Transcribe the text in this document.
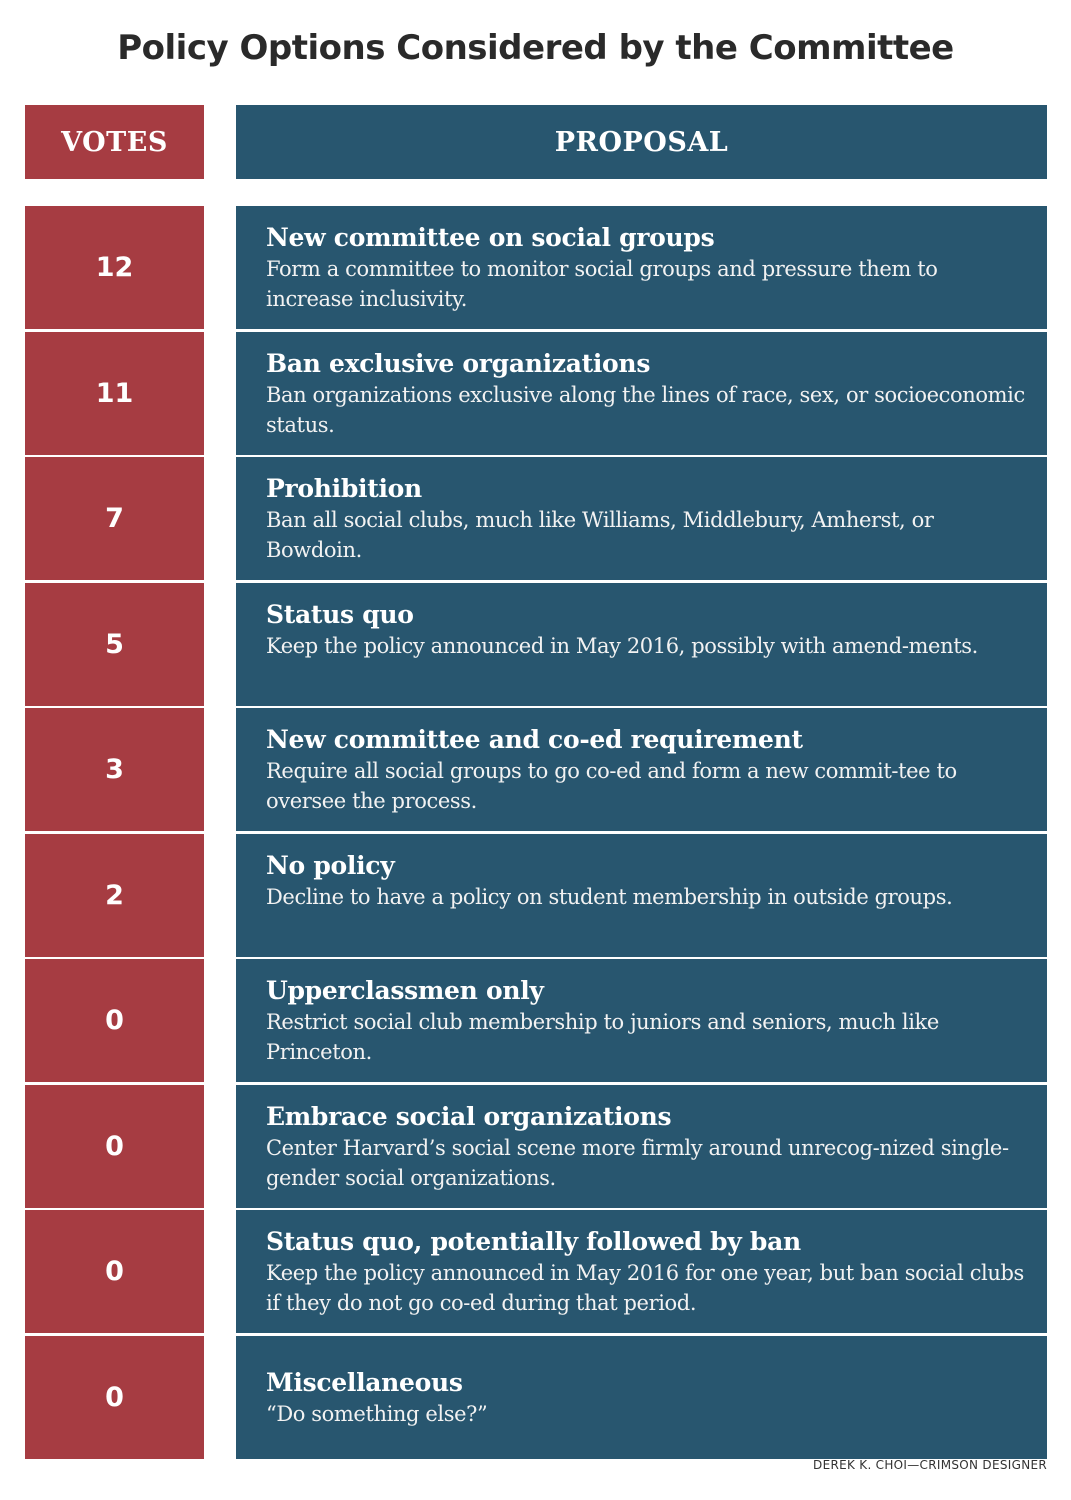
Policy Options Considered by the Committee
VOTES	PROPOSAL
12
New committee on social groups
Form a committee to monitor social groups and pressure them to increase inclusivity.
11
Ban exclusive organizations
Ban organizations exclusive along the lines of race, sex, or socioeconomic status.
7
Prohibition
Ban all social clubs, much like Williams, Middlebury, Amherst, or Bowdoin.
5
Status quo
Keep the policy announced in May 2016, possibly with amend-ments.
3
New committee and co-ed requirement
Require all social groups to go co-ed and form a new commit-tee to oversee the process.
2
No policy
Decline to have a policy on student membership in outside groups.
0
Upperclassmen only
Restrict social club membership to juniors and seniors, much like Princeton.
0
Embrace social organizations
Center Harvard’s social scene more firmly around unrecog-nized single-gender social organizations.
0
Status quo, potentially followed by ban
Keep the policy announced in May 2016 for one year, but ban social clubs if they do not go co-ed during that period.
0	Miscellaneous
“Do something else?”
DEREK K. CHOI—CRIMSON DESIGNER
